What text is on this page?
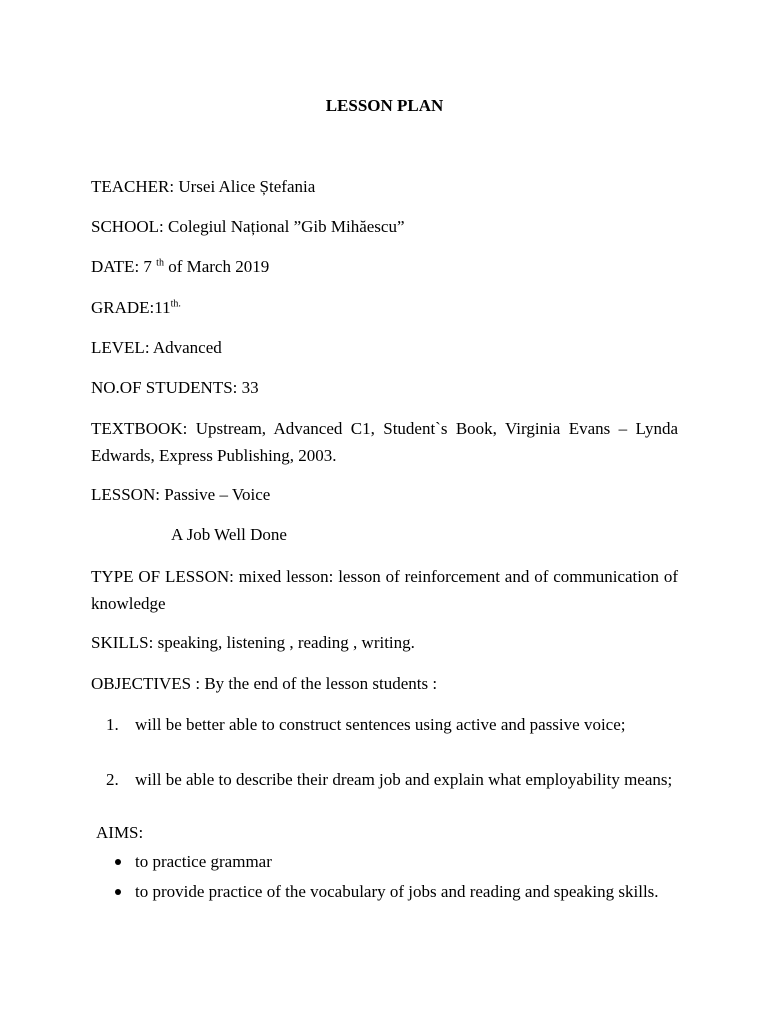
LESSON PLAN

TEACHER: Ursei Alice Ștefania

SCHOOL: Colegiul Național ”Gib Mihăescu”

DATE: 7 $^{th}$ of March 2019

$GRADE:11^{th.}$

LEVEL: Advanced

NO.OF STUDENTS: 33

TEXTBOOK: Upstream, Advanced C1, Student`s Book, Virginia Evans – Lynda Edwards, Express Publishing, 2003.

LESSON: Passive – Voice

A Job Well Done

TYPE OF LESSON: mixed lesson: lesson of reinforcement and of communication of knowledge

SKILLS: speaking, listening , reading , writing.

OBJECTIVES : By the end of the lesson students :

1. will be better able to construct sentences using active and passive voice;
2. will be able to describe their dream job and explain what employability means;

AIMS:

to practice grammar
to provide practice of the vocabulary of jobs and reading and speaking skills.
